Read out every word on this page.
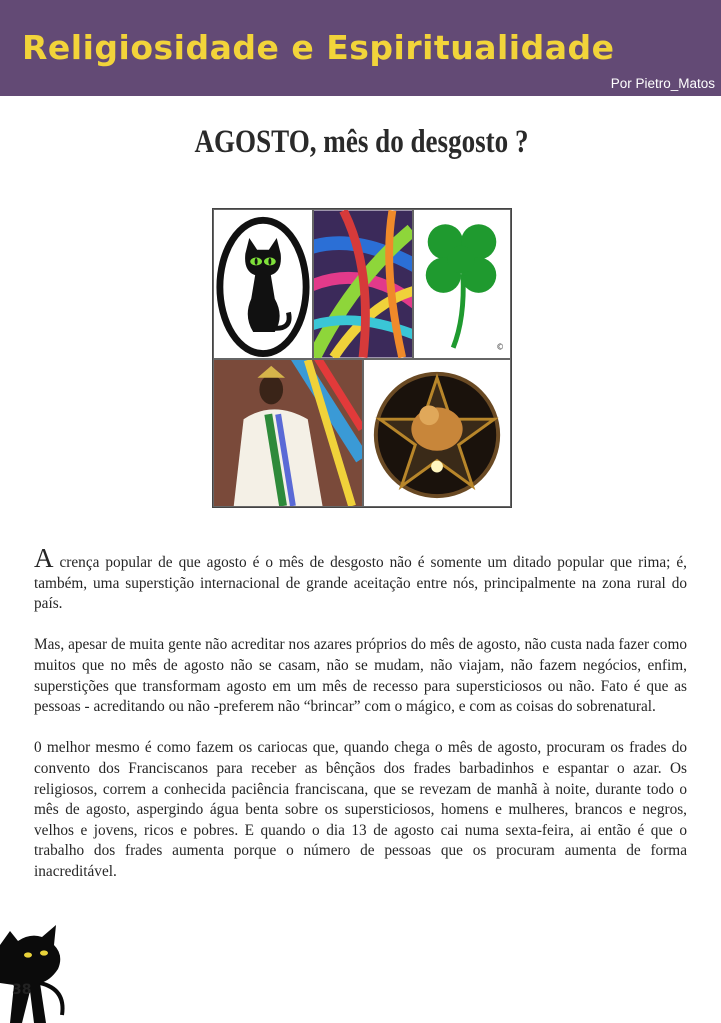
Religiosidade e Espiritualidade
Por Pietro_Matos
AGOSTO, mês do desgosto ?
©

A crença popular de que agosto é o mês de desgosto não é somente um ditado popular que rima; é, também, uma superstição internacional de grande aceitação entre nós, principalmente na zona rural do país.

Mas, apesar de muita gente não acreditar nos azares próprios do mês de agosto, não custa nada fazer como muitos que no mês de agosto não se casam, não se mudam, não viajam, não fazem negócios, enfim, superstições que transformam agosto em um mês de recesso para supersticiosos ou não. Fato é que as pessoas - acreditando ou não -preferem não “brincar” com o mágico, e com as coisas do sobrenatural.

0 melhor mesmo é como fazem os cariocas que, quando chega o mês de agosto, procuram os frades do convento dos Franciscanos para receber as bênçãos dos frades barbadinhos e espantar o azar. Os religiosos, correm a conhecida paciência franciscana, que se revezam de manhã à noite, durante todo o mês de agosto, aspergindo água benta sobre os supersticiosos, homens e mulheres, brancos e negros, velhos e jovens, ricos e pobres. E quando o dia 13 de agosto cai numa sexta-feira, ai então é que o trabalho dos frades aumenta porque o número de pessoas que os procuram aumenta de forma inacreditável.

38
